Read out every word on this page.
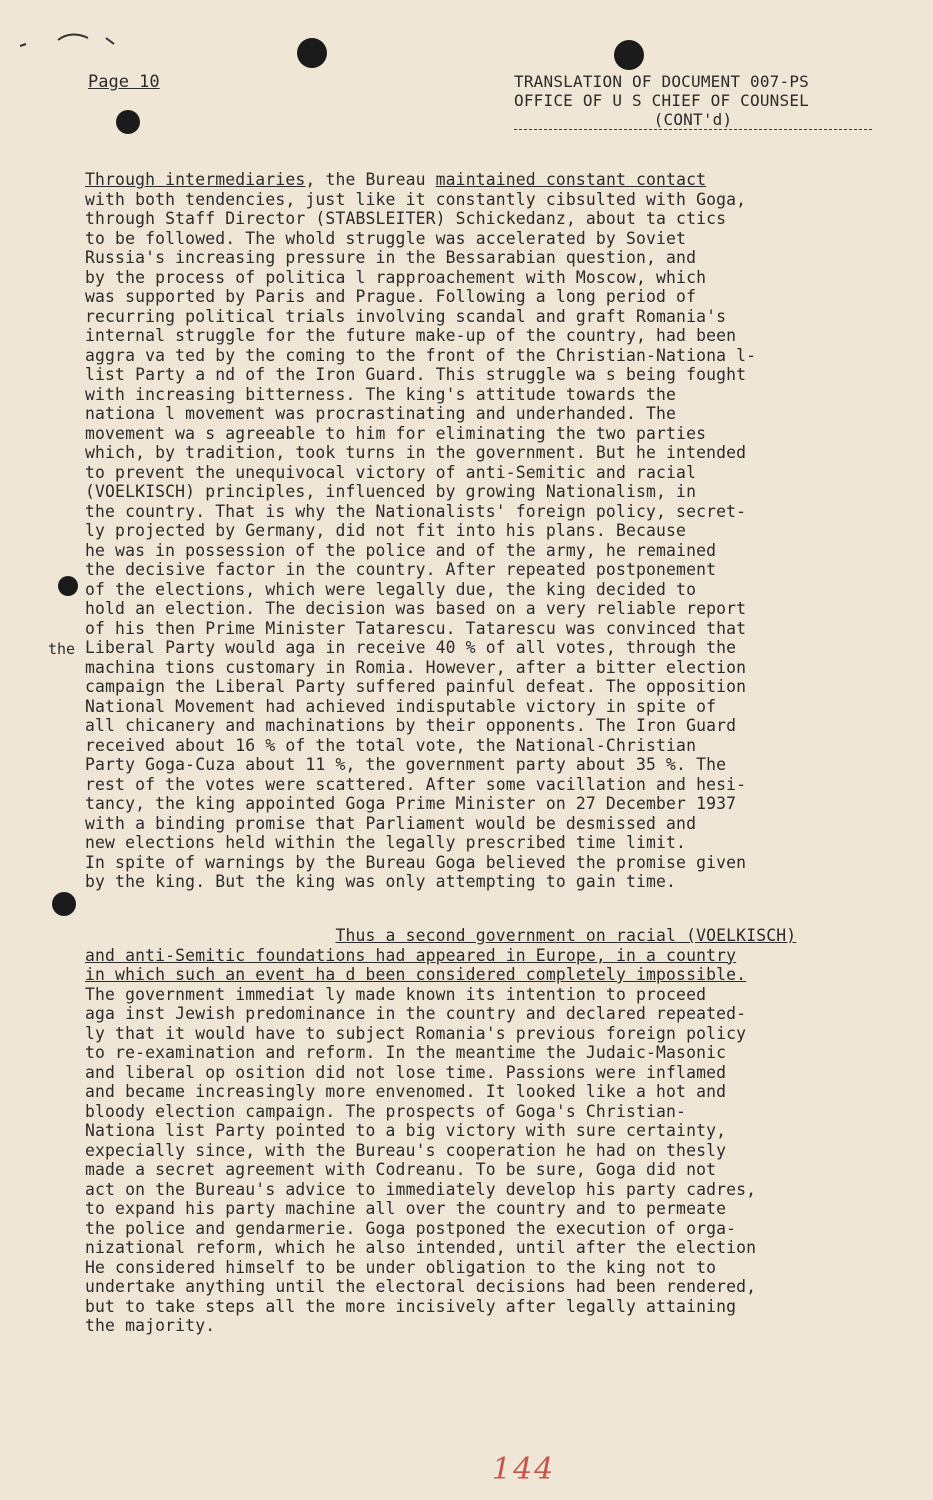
Page 10	TRANSLATION OF DOCUMENT 007-PS
OFFICE OF U S CHIEF OF COUNSEL
(CONT'd)
the
Through intermediaries, the Bureau maintained constant contact
with both tendencies, just like it constantly cibsulted with Goga,
through Staff Director (STABSLEITER) Schickedanz, about ta ctics
to be followed. The whold struggle was accelerated by Soviet
Russia's increasing pressure in the Bessarabian question, and
by the process of politica l rapproachement with Moscow, which
was supported by Paris and Prague. Following a long period of
recurring political trials involving scandal and graft Romania's
internal struggle for the future make-up of the country, had been
aggra va ted by the coming to the front of the Christian-Nationa l-
list Party a nd of the Iron Guard. This struggle wa s being fought
with increasing bitterness. The king's attitude towards the
nationa l movement was procrastinating and underhanded. The
movement wa s agreeable to him for eliminating the two parties
which, by tradition, took turns in the government. But he intended
to prevent the unequivocal victory of anti-Semitic and racial
(VOELKISCH) principles, influenced by growing Nationalism, in
the country. That is why the Nationalists' foreign policy, secret-
ly projected by Germany, did not fit into his plans. Because
he was in possession of the police and of the army, he remained
the decisive factor in the country. After repeated postponement
of the elections, which were legally due, the king decided to
hold an election. The decision was based on a very reliable report
of his then Prime Minister Tatarescu. Tatarescu was convinced that
Liberal Party would aga in receive 40 % of all votes, through the
machina tions customary in Romia. However, after a bitter election
campaign the Liberal Party suffered painful defeat. The opposition
National Movement had achieved indisputable victory in spite of
all chicanery and machinations by their opponents. The Iron Guard
received about 16 % of the total vote, the National-Christian
Party Goga-Cuza about 11 %, the government party about 35 %. The
rest of the votes were scattered. After some vacillation and hesi-
tancy, the king appointed Goga Prime Minister on 27 December 1937
with a binding promise that Parliament would be desmissed and
new elections held within the legally prescribed time limit.
In spite of warnings by the Bureau Goga believed the promise given
by the king. But the king was only attempting to gain time.
Thus a second government on racial (VOELKISCH)
and anti-Semitic foundations had appeared in Europe, in a country
in which such an event ha d been considered completely impossible.
The government immediat ly made known its intention to proceed
aga inst Jewish predominance in the country and declared repeated-
ly that it would have to subject Romania's previous foreign policy
to re-examination and reform. In the meantime the Judaic-Masonic
and liberal op osition did not lose time. Passions were inflamed
and became increasingly more envenomed. It looked like a hot and
bloody election campaign. The prospects of Goga's Christian-
Nationa list Party pointed to a big victory with sure certainty,
expecially since, with the Bureau's cooperation he had on thesly
made a secret agreement with Codreanu. To be sure, Goga did not
act on the Bureau's advice to immediately develop his party cadres,
to expand his party machine all over the country and to permeate
the police and gendarmerie. Goga postponed the execution of orga-
nizational reform, which he also intended, until after the election
He considered himself to be under obligation to the king not to
undertake anything until the electoral decisions had been rendered,
but to take steps all the more incisively after legally attaining
the majority.
144
